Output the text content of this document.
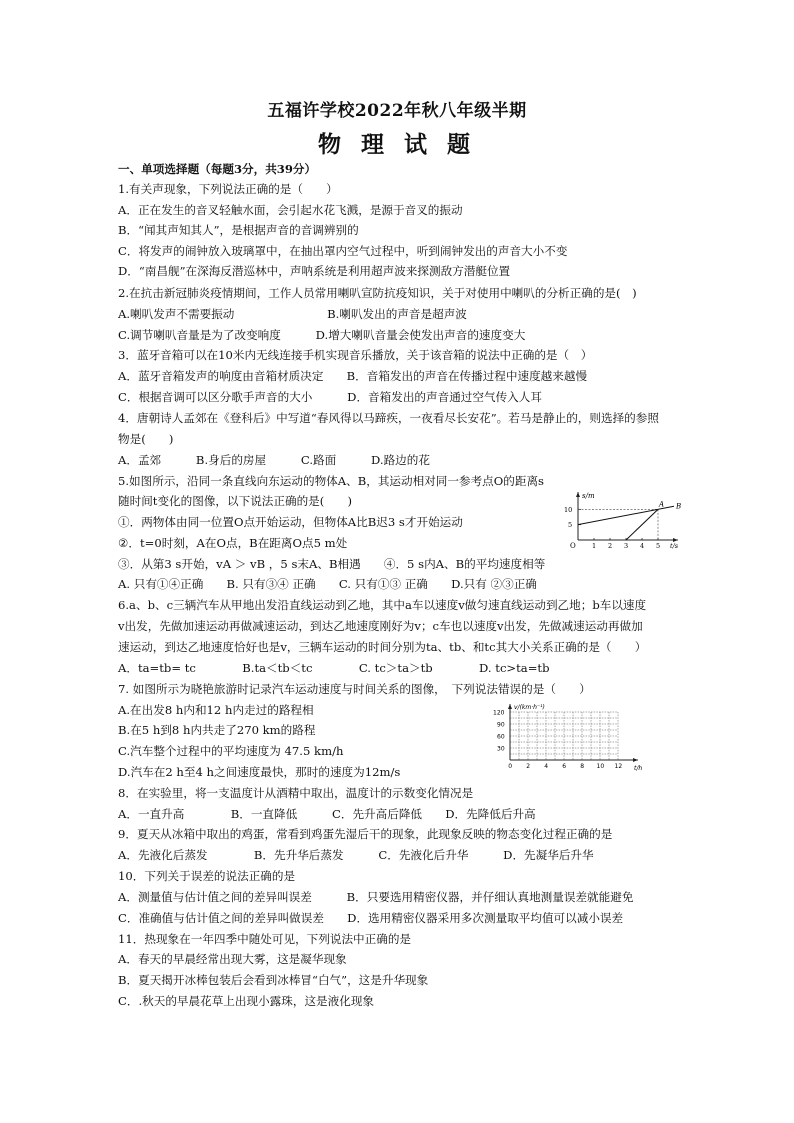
五福许学校2022年秋八年级半期
物 理 试 题
一、单项选择题（每题3分，共39分）
1.有关声现象，下列说法正确的是（　　）
A．正在发生的音叉轻触水面，会引起水花飞溅，是源于音叉的振动
B．“闻其声知其人”，是根据声音的音调辨别的
C．将发声的闹钟放入玻璃罩中，在抽出罩内空气过程中，听到闹钟发出的声音大小不变
D．“南昌舰”在深海反潜巡林中，声呐系统是利用超声波来探测敌方潜艇位置
2.在抗击新冠肺炎疫情期间，工作人员常用喇叭宣防抗疫知识，关于对使用中喇叭的分析正确的是(　)
A.喇叭发声不需要振动　　　　　　　　B.喇叭发出的声音是超声波
C.调节喇叭音量是为了改变响度　　　D.增大喇叭音量会使发出声音的速度变大
3．蓝牙音箱可以在10米内无线连接手机实现音乐播放，关于该音箱的说法中正确的是（　）
A．蓝牙音箱发声的响度由音箱材质决定　　B．音箱发出的声音在传播过程中速度越来越慢
C．根据音调可以区分歌手声音的大小　　　D．音箱发出的声音通过空气传入人耳
4．唐朝诗人孟郊在《登科后》中写道“春风得以马蹄疾，一夜看尽长安花”。若马是静止的，则选择的参照
物是(　　)
A．孟郊　　　B.身后的房屋　　　C.路面　　　D.路边的花
5.如图所示，沿同一条直线向东运动的物体A、B，其运动相对同一参考点O的距离s
随时间t变化的图像，以下说法正确的是(　　)
①．两物体由同一位置O点开始运动，但物体A比B迟3 s才开始运动
②．t=0时刻，A在O点，B在距离O点5 m处
③．从第3 s开始，vA ＞ vB ，5 s末A、B相遇　　④．5 s内A、B的平均速度相等
A. 只有①④正确　　B. 只有③④ 正确　　C. 只有①③ 正确　　D.只有 ②③正确
s/m
t/s
O	1 2 3 4 5
5
10
A B
6.a、b、c三辆汽车从甲地出发沿直线运动到乙地，其中a车以速度v做匀速直线运动到乙地；b车以速度
v出发，先做加速运动再做减速运动，到达乙地速度刚好为v；c车也以速度v出发，先做减速运动再做加
速运动，到达乙地速度恰好也是v，三辆车运动的时间分别为ta、tb、和tc其大小关系正确的是（　　）
A．ta=tb= tc　　　　B.ta＜tb＜tc　　　　C. tc＞ta＞tb　　　　D. tc>ta=tb
7. 如图所示为晓艳旅游时记录汽车运动速度与时间关系的图像，　下列说法错误的是（　　）
A.在出发8 h内和12 h内走过的路程相
B.在5 h到8 h内共走了270 km的路程
C.汽车整个过程中的平均速度为 47.5 km/h
D.汽车在2 h至4 h之间速度最快，那时的速度为12m/s
v/(km·h⁻¹)
t/h
120
90
60
30
0 2 4 6 8 10 12
8．在实验里，将一支温度计从酒精中取出，温度计的示数变化情况是
A．一直升高　　　　B．一直降低　　　C．先升高后降低　　D．先降低后升高
9．夏天从冰箱中取出的鸡蛋，常看到鸡蛋先湿后干的现象，此现象反映的物态变化过程正确的是
A．先液化后蒸发　　　　B．先升华后蒸发　　　C．先液化后升华　　　D．先凝华后升华
10．下列关于误差的说法正确的是
A．测量值与估计值之间的差异叫误差　　　B．只要选用精密仪器，并仔细认真地测量误差就能避免
C．准确值与估计值之间的差异叫做误差　　D．选用精密仪器采用多次测量取平均值可以减小误差
11．热现象在一年四季中随处可见，下列说法中正确的是
A．春天的早晨经常出现大雾，这是凝华现象
B．夏天揭开冰棒包装后会看到冰棒冒“白气”，这是升华现象
C．.秋天的早晨花草上出现小露珠，这是液化现象
